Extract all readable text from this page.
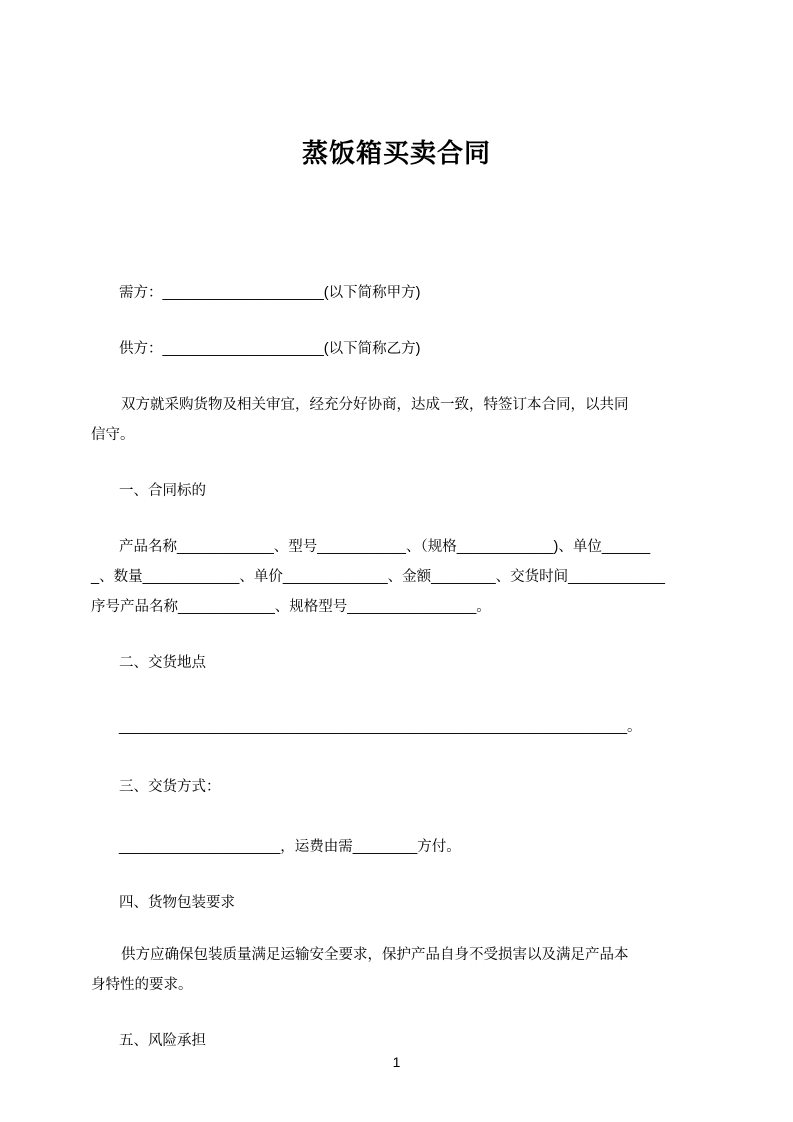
蒸饭箱买卖合同

需方：____________________(以下简称甲方)

供方：____________________(以下简称乙方)

双方就采购货物及相关审宜，经充分好协商，达成一致，特签订本合同，以共同
信守。

一、合同标的

产品名称____________、型号___________、（规格____________)、单位______
_、数量____________、单价_____________、金额________、交货时间____________
序号产品名称____________、规格型号________________。

二、交货地点

_______________________________________________________________。

三、交货方式：

____________________，运费由需________方付。

四、货物包装要求

供方应确保包装质量满足运输安全要求，保护产品自身不受损害以及满足产品本
身特性的要求。

五、风险承担

1
